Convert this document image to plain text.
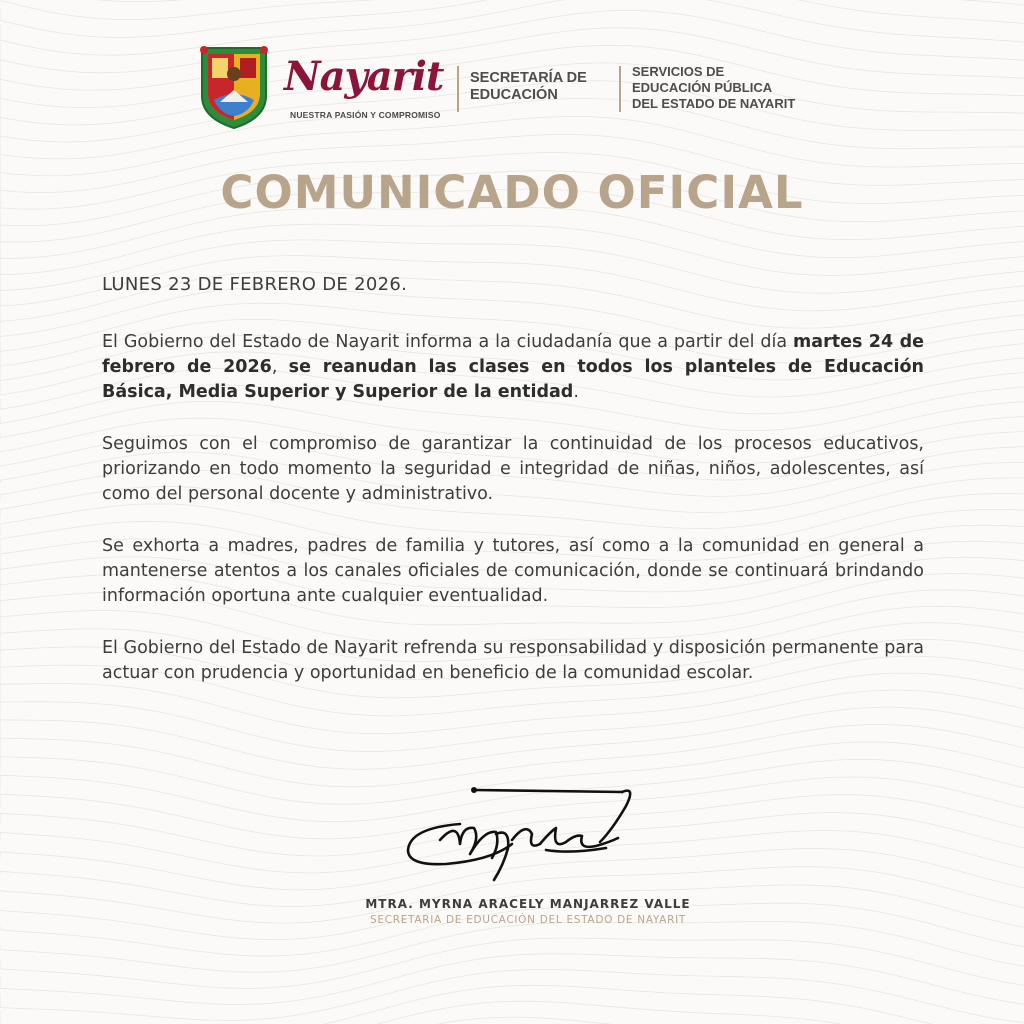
Nayarit
NUESTRA PASIÓN Y COMPROMISO
SECRETARÍA DE
EDUCACIÓN
SERVICIOS DE
EDUCACIÓN PÚBLICA
DEL ESTADO DE NAYARIT
COMUNICADO OFICIAL
LUNES 23 DE FEBRERO DE 2026.

El Gobierno del Estado de Nayarit informa a la ciudadanía que a partir del día martes 24 de febrero de 2026, se reanudan las clases en todos los planteles de Educación Básica, Media Superior y Superior de la entidad.

Seguimos con el compromiso de garantizar la continuidad de los procesos educativos, priorizando en todo momento la seguridad e integridad de niñas, niños, adolescentes, así como del personal docente y administrativo.

Se exhorta a madres, padres de familia y tutores, así como a la comunidad en general a mantenerse atentos a los canales oficiales de comunicación, donde se continuará brindando información oportuna ante cualquier eventualidad.

El Gobierno del Estado de Nayarit refrenda su responsabilidad y disposición permanente para actuar con prudencia y oportunidad en beneficio de la comunidad escolar.

MTRA. MYRNA ARACELY MANJARREZ VALLE
SECRETARIA DE EDUCACIÓN DEL ESTADO DE NAYARIT
